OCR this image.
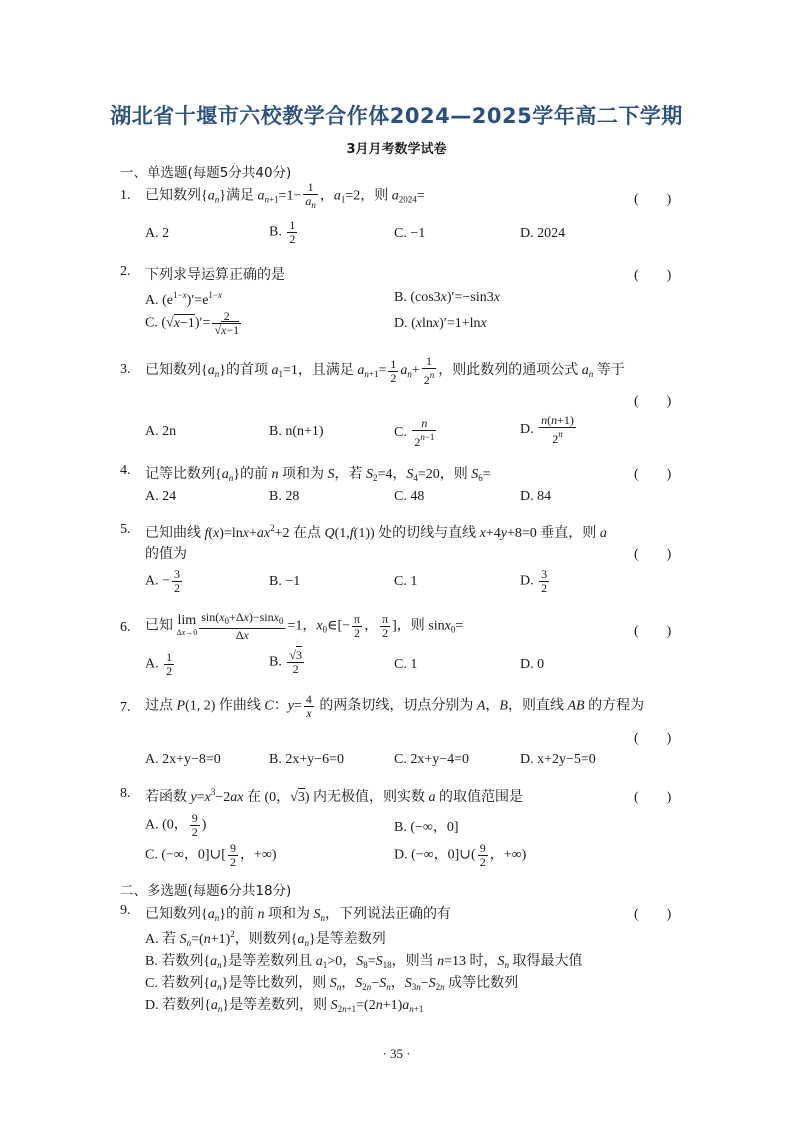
湖北省十堰市六校教学合作体2024—2025学年高二下学期
3月月考数学试卷
一、单选题(每题5分共40分)
1. 已知数列$\{a_n\}$满足 $a_{n+1}=1- \frac{1}{a_n}$ ，$a_1=2$，则 $a_{2024}=$	(　　)
A. 2	B. $\frac{1}{2}$	C. −1	D. 2024
2. 下列求导运算正确的是	(　　)
A. $(e^{1-x})'=e^{1-x}$	B. (cos3x)′=−sin3x
C. $(√x-1)'= \frac{2}{√x-1}$	D. (xlnx)′=1+lnx
3. 已知数列$\{a_n\}$的首项 $a_1=1$，且满足 $a_{n+1}= \frac{1}{2} a_n+ \frac{1}{2^n}$ ，则此数列的通项公式 $a_n$ 等于
(　　)
A. 2n	B. n(n+1)	C. $\frac{n}{2^{n-1}}$	D. $\frac{n(n+1)}{2^n}$
4. 记等比数列$\{a_n\}$的前 n 项和为 S，若 $S_2=4$，$S_4=20$，则 $S_6=$	(　　)
A. 24	B. 28	C. 48	D. 84
5. 已知曲线 $f(x)=\ln x+ax^2+2$ 在点 Q(1,f(1)) 处的切线与直线 x+4y+8=0 垂直，则 a
的值为	(　　)
A. − $\frac{3}{2}$	B. −1	C. 1	D. $\frac{3}{2}$
6. 已知 lim
$\Delta x\to 0 \frac{\sin(x_0+\Delta x)-\sin x_0}{\Delta x} =1$，$x_0\in[- \frac{\pi}{2}$ ， $\frac{\pi}{2}$ ]，则 sinx$_0$=	(　　)
A. $\frac{1}{2}$	B. $\frac{√3}{2}$	C. 1	D. 0
7. 过点 P(1, 2) 作曲线 C：$y= \frac{4}{x}$ 的两条切线，切点分别为 A，B，则直线 AB 的方程为
(　　)
A. 2x+y−8=0	B. 2x+y−6=0	C. 2x+y−4=0	D. x+2y−5=0
8. 若函数 $y=x^3-2ax$ 在 (0，√3) 内无极值，则实数 a 的取值范围是	(　　)
A. (0， $\frac{9}{2}$ )	B. (−∞，0]
C. (−∞，0]∪[ $\frac{9}{2}$ ，+∞)	D. (−∞，0]∪( $\frac{9}{2}$ ，+∞)
二、多选题(每题6分共18分)
9. 已知数列$\{a_n\}$的前 n 项和为 $S_n$，下列说法正确的有	(　　)
A. 若 $S_n=(n+1)^2$，则数列$\{a_n\}$是等差数列
B. 若数列$\{a_n\}$是等差数列且 $a_1>0$，$S_8=S_{18}$，则当 n=13 时，$S_n$ 取得最大值
C. 若数列$\{a_n\}$是等比数列，则 $S_n$，$S_{2n}-S_n$，$S_{3n}-S_{2n}$ 成等比数列
D. 若数列$\{a_n\}$是等差数列，则 $S_{2n+1}=(2n+1)a_{n+1}$
· 35 ·
